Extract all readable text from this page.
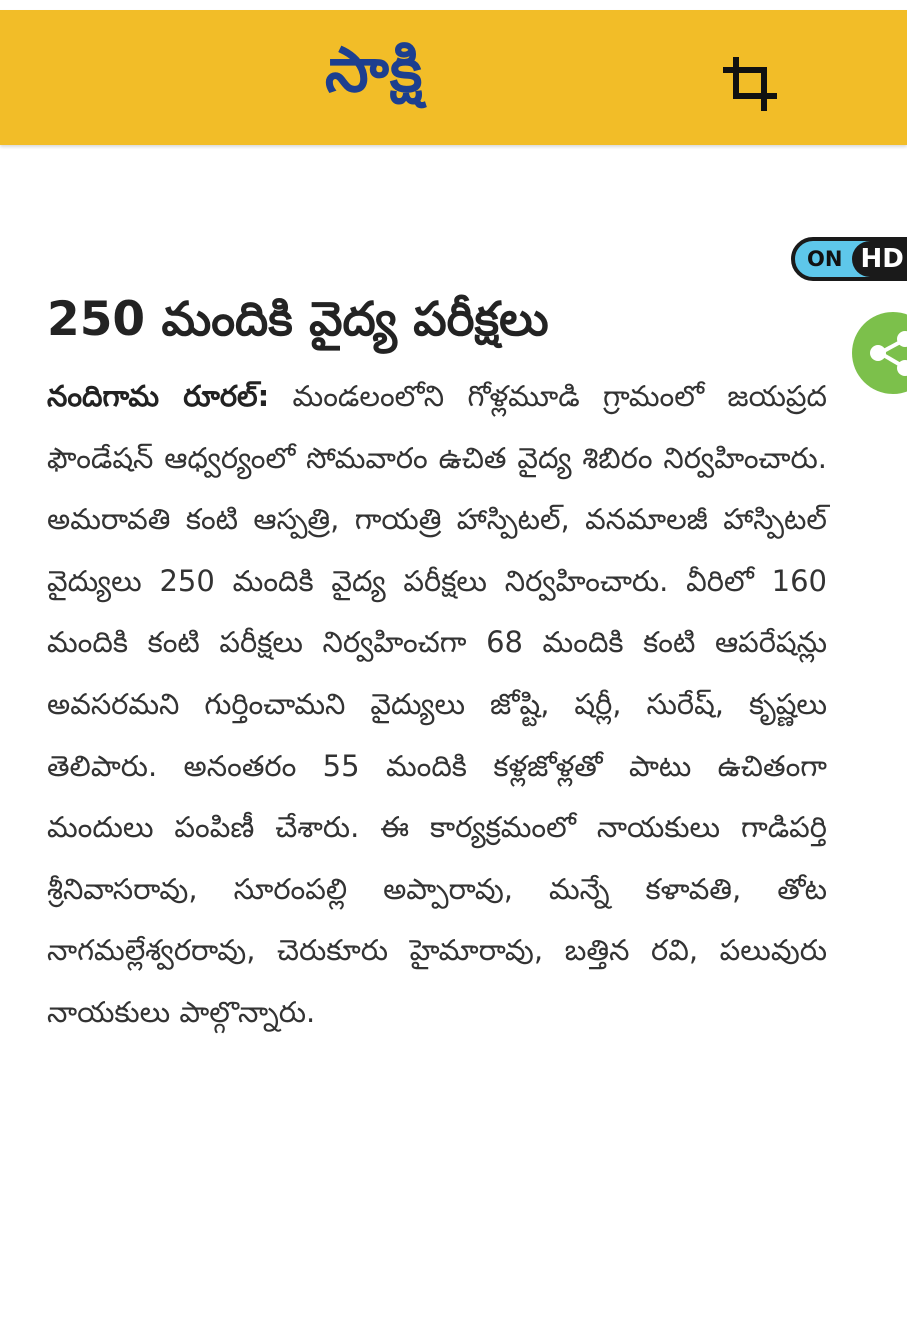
సాక్షి
ON HD
250 మందికి వైద్య పరీక్షలు

నందిగామ రూరల్: మండలంలోని గోళ్లమూడి గ్రామంలో జయప్రద ఫౌండేషన్ ఆధ్వర్యంలో సోమవారం ఉచిత వైద్య శిబిరం నిర్వహించారు. అమరావతి కంటి ఆస్పత్రి, గాయత్రి హాస్పిటల్, వనమాలజీ హాస్పిటల్ వైద్యులు 250 మందికి వైద్య పరీక్షలు నిర్వహించారు. వీరిలో 160 మందికి కంటి పరీక్షలు నిర్వహించగా 68 మందికి కంటి ఆపరేషన్లు అవసరమని గుర్తించామని వైద్యులు జోష్టి, షర్లీ, సురేష్, కృష్ణలు తెలిపారు. అనంతరం 55 మందికి కళ్లజోళ్లతో పాటు ఉచితంగా మందులు పంపిణీ చేశారు. ఈ కార్యక్రమంలో నాయకులు గాడిపర్తి శ్రీనివాసరావు, సూరంపల్లి అప్పారావు, మన్నే కళావతి, తోట నాగమల్లేశ్వరరావు, చెరుకూరు హైమారావు, బత్తిన రవి, పలువురు నాయకులు పాల్గొన్నారు.
